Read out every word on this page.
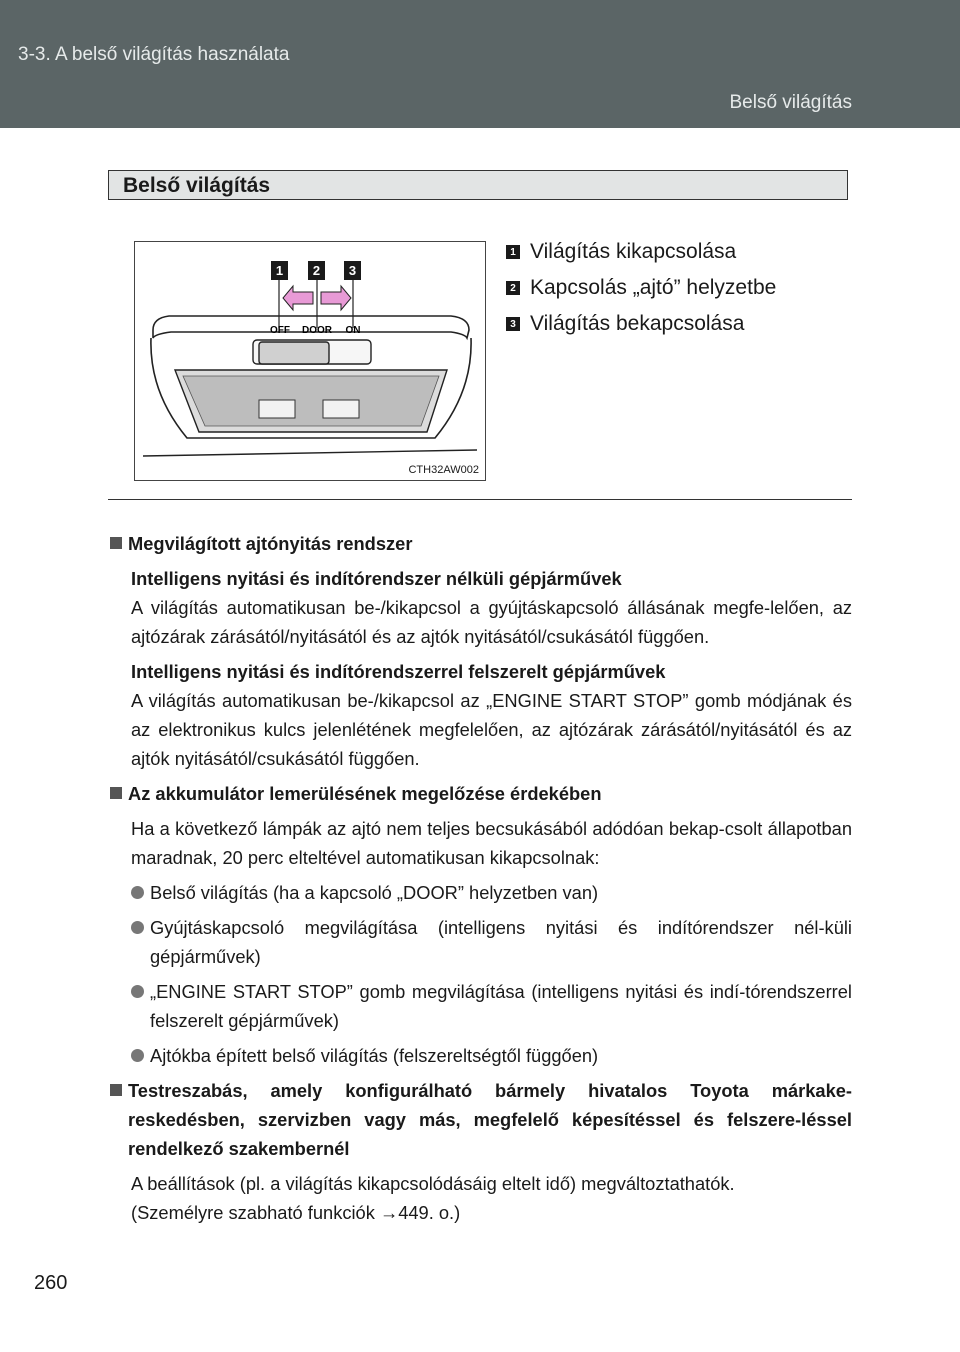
3-3. A belső világítás használata
Belső világítás
Belső világítás
1 2 3
OFF DOOR ON
CTH32AW002
1 Világítás kikapcsolása
2 Kapcsolás „ajtó” helyzetbe
3 Világítás bekapcsolása
Megvilágított ajtónyitás rendszer
Intelligens nyitási és indítórendszer nélküli gépjárművek
A világítás automatikusan be-/kikapcsol a gyújtáskapcsoló állásának megfe-lelően, az ajtózárak zárásától/nyitásától és az ajtók nyitásától/csukásától függően.
Intelligens nyitási és indítórendszerrel felszerelt gépjárművek
A világítás automatikusan be-/kikapcsol az „ENGINE START STOP” gomb módjának és az elektronikus kulcs jelenlétének megfelelően, az ajtózárak zárásától/nyitásától és az ajtók nyitásától/csukásától függően.
Az akkumulátor lemerülésének megelőzése érdekében
Ha a következő lámpák az ajtó nem teljes becsukásából adódóan bekap-csolt állapotban maradnak, 20 perc elteltével automatikusan kikapcsolnak:
Belső világítás (ha a kapcsoló „DOOR” helyzetben van)
Gyújtáskapcsoló megvilágítása (intelligens nyitási és indítórendszer nél-küli gépjárművek)
„ENGINE START STOP” gomb megvilágítása (intelligens nyitási és indí-tórendszerrel felszerelt gépjárművek)
Ajtókba épített belső világítás (felszereltségtől függően)
Testreszabás, amely konfigurálható bármely hivatalos Toyota márkake-reskedésben, szervizben vagy más, megfelelő képesítéssel és felszere-léssel rendelkező szakembernél
A beállítások (pl. a világítás kikapcsolódásáig eltelt idő) megváltoztathatók.
(Személyre szabható funkciók →449. o.)
260
